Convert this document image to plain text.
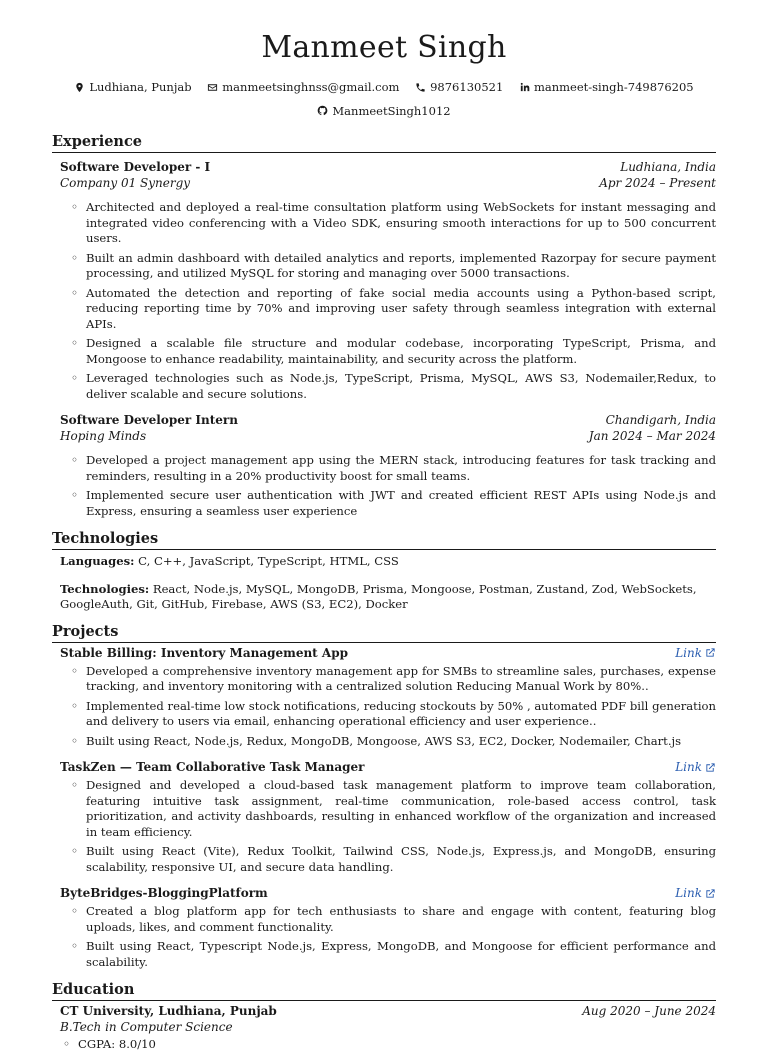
Manmeet Singh
Ludhiana, Punjab
	manmeetsinghnss@gmail.com
	9876130521
	manmeet-singh-749876205

ManmeetSingh1012
Experience
Software Developer - I	Ludhiana, India
Company 01 Synergy	Apr 2024 – Present
◦ Architected and deployed a real-time consultation platform using WebSockets for instant messaging and integrated video conferencing with a Video SDK, ensuring smooth interactions for up to 500 concurrent users.
◦ Built an admin dashboard with detailed analytics and reports, implemented Razorpay for secure payment processing, and utilized MySQL for storing and managing over 5000 transactions.
◦ Automated the detection and reporting of fake social media accounts using a Python-based script, reducing reporting time by 70% and improving user safety through seamless integration with external APIs.
◦ Designed a scalable file structure and modular codebase, incorporating TypeScript, Prisma, and Mongoose to enhance readability, maintainability, and security across the platform.
◦ Leveraged technologies such as Node.js, TypeScript, Prisma, MySQL, AWS S3, Nodemailer,Redux, to deliver scalable and secure solutions.
Software Developer Intern	Chandigarh, India
Hoping Minds	Jan 2024 – Mar 2024
◦ Developed a project management app using the MERN stack, introducing features for task tracking and reminders, resulting in a 20% productivity boost for small teams.
◦ Implemented secure user authentication with JWT and created efficient REST APIs using Node.js and Express, ensuring a seamless user experience
Technologies
Languages: C, C++, JavaScript, TypeScript, HTML, CSS
Technologies: React, Node.js, MySQL, MongoDB, Prisma, Mongoose, Postman, Zustand, Zod, WebSockets, GoogleAuth, Git, GitHub, Firebase, AWS (S3, EC2), Docker
Projects
Stable Billing: Inventory Management App	Link
◦ Developed a comprehensive inventory management app for SMBs to streamline sales, purchases, expense tracking, and inventory monitoring with a centralized solution Reducing Manual Work by 80%..
◦ Implemented real-time low stock notifications, reducing stockouts by 50% , automated PDF bill generation and delivery to users via email, enhancing operational efficiency and user experience..
◦ Built using React, Node.js, Redux, MongoDB, Mongoose, AWS S3, EC2, Docker, Nodemailer, Chart.js
TaskZen — Team Collaborative Task Manager	Link
◦ Designed and developed a cloud-based task management platform to improve team collaboration, featuring intuitive task assignment, real-time communication, role-based access control, task prioritization, and activity dashboards, resulting in enhanced workflow of the organization and increased in team efficiency.
◦ Built using React (Vite), Redux Toolkit, Tailwind CSS, Node.js, Express.js, and MongoDB, ensuring scalability, responsive UI, and secure data handling.
ByteBridges-BloggingPlatform	Link
◦ Created a blog platform app for tech enthusiasts to share and engage with content, featuring blog uploads, likes, and comment functionality.
◦ Built using React, Typescript Node.js, Express, MongoDB, and Mongoose for efficient performance and scalability.
Education
CT University, Ludhiana, Punjab	Aug 2020 – June 2024
B.Tech in Computer Science
◦ CGPA: 8.0/10
